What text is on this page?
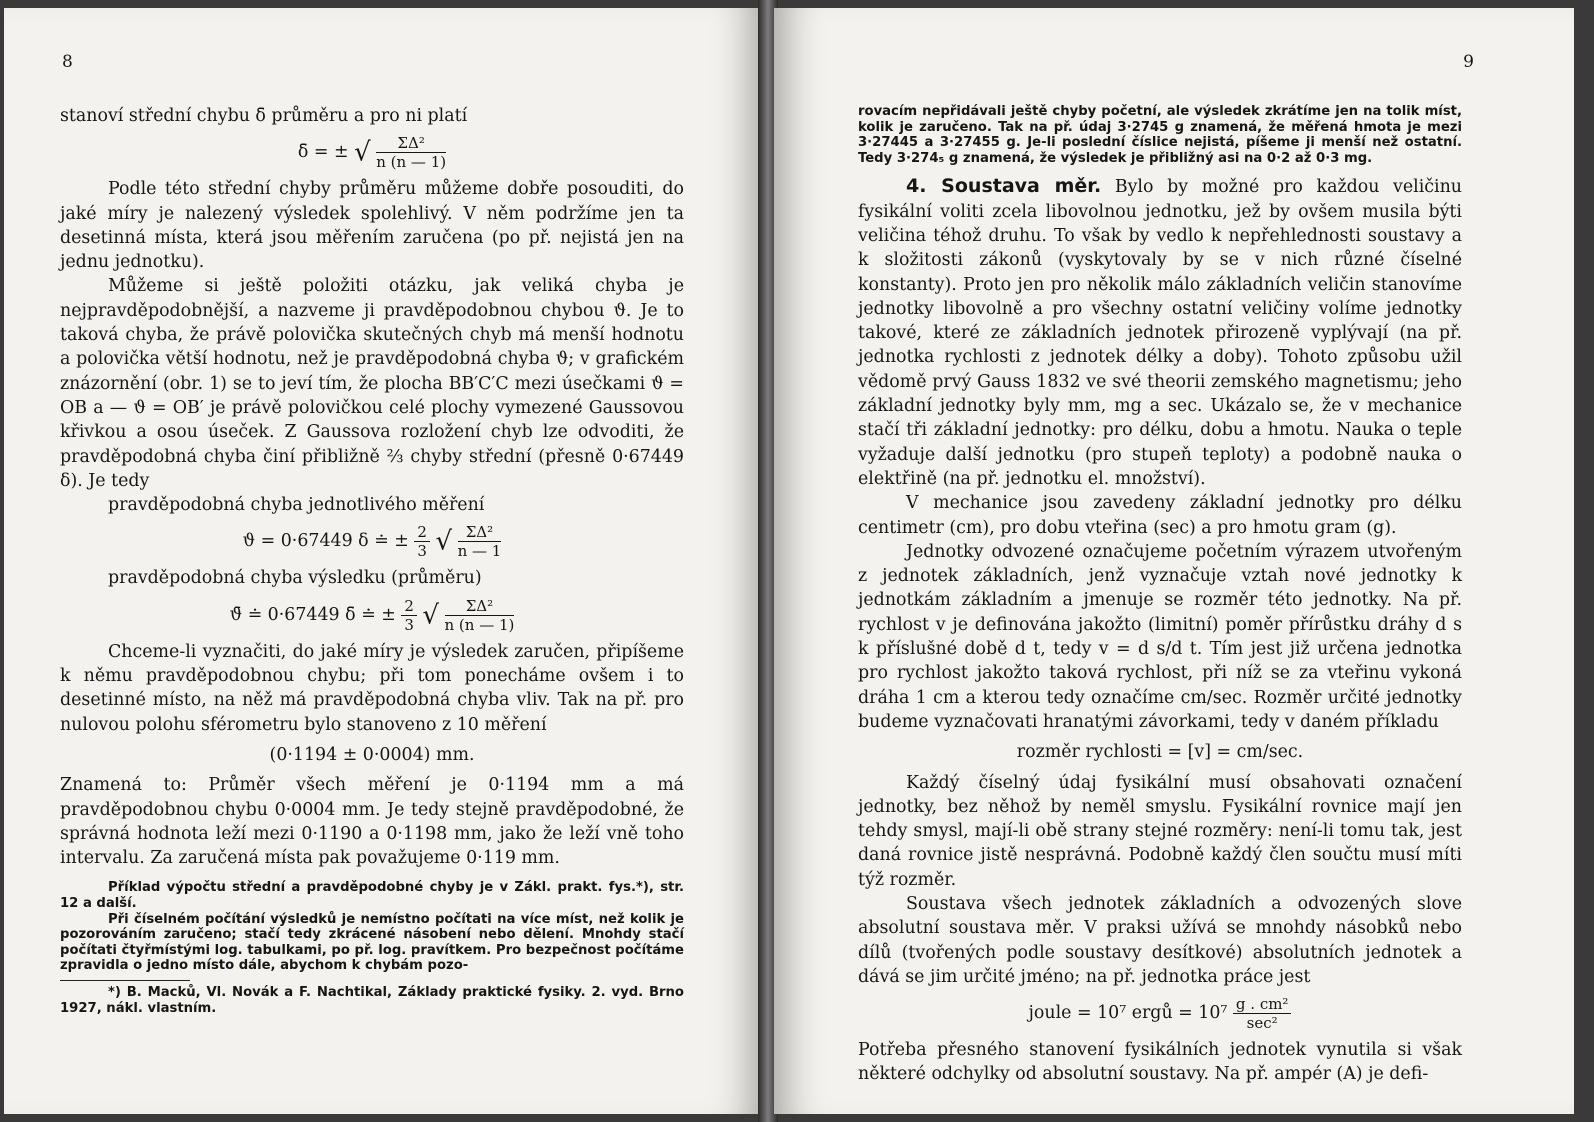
8

stanoví střední chybu δ̄ průměru a pro ni platí

δ̄ = ± √ $\frac{\text{ΣΔ²}}{n (n — 1)}$

Podle této střední chyby průměru můžeme dobře posouditi, do jaké míry je nalezený výsledek spolehlivý. V něm podržíme jen ta desetinná místa, která jsou měřením zaručena (po př. nejistá jen na jednu jednotku).

Můžeme si ještě položiti otázku, jak veliká chyba je nejpravděpodobnější, a nazveme ji pravděpodobnou chybou ϑ. Je to taková chyba, že právě polovička skutečných chyb má menší hodnotu a polovička větší hodnotu, než je pravděpodobná chyba ϑ; v grafickém znázornění (obr. 1) se to jeví tím, že plocha BB′C′C mezi úsečkami ϑ = OB a — ϑ = OB′ je právě polovičkou celé plochy vymezené Gaussovou křivkou a osou úseček. Z Gaussova rozložení chyb lze odvoditi, že pravděpodobná chyba činí přibližně ⅔ chyby střední (přesně 0·67449 δ). Je tedy

pravděpodobná chyba jednotlivého měření

ϑ = 0·67449 δ ≐ ± $\frac{2}{3}$ √ $\frac{\text{ΣΔ²}}{n — 1}$

pravděpodobná chyba výsledku (průměru)

ϑ̄ ≐ 0·67449 δ̄ ≐ ± $\frac{2}{3}$ √ $\frac{\text{ΣΔ²}}{n (n — 1)}$

Chceme-li vyznačiti, do jaké míry je výsledek zaručen, připíšeme k němu pravděpodobnou chybu; při tom ponecháme ovšem i to desetinné místo, na něž má pravděpodobná chyba vliv. Tak na př. pro nulovou polohu sférometru bylo stanoveno z 10 měření

(0·1194 ± 0·0004) mm.

Znamená to: Průměr všech měření je 0·1194 mm a má pravděpodobnou chybu 0·0004 mm. Je tedy stejně pravděpodobné, že správná hodnota leží mezi 0·1190 a 0·1198 mm, jako že leží vně toho intervalu. Za zaručená místa pak považujeme 0·119 mm.

Příklad výpočtu střední a pravděpodobné chyby je v Zákl. prakt. fys.*), str. 12 a další.

Při číselném počítání výsledků je nemístno počítati na více míst, než kolik je pozorováním zaručeno; stačí tedy zkrácené násobení nebo dělení. Mnohdy stačí počítati čtyřmístými log. tabulkami, po př. log. pravítkem. Pro bezpečnost počítáme zpravidla o jedno místo dále, abychom k chybám pozo-

*) B. Macků, Vl. Novák a F. Nachtikal, Základy praktické fysiky. 2. vyd. Brno 1927, nákl. vlastním.

9

rovacím nepřidávali ještě chyby početní, ale výsledek zkrátíme jen na tolik míst, kolik je zaručeno. Tak na př. údaj 3·2745 g znamená, že měřená hmota je mezi 3·27445 a 3·27455 g. Je-li poslední číslice nejistá, píšeme ji menší než ostatní. Tedy 3·274₅ g znamená, že výsledek je přibližný asi na 0·2 až 0·3 mg.

4. Soustava měr. Bylo by možné pro každou veličinu fysikální voliti zcela libovolnou jednotku, jež by ovšem musila býti veličina téhož druhu. To však by vedlo k nepřehlednosti soustavy a k složitosti zákonů (vyskytovaly by se v nich různé číselné konstanty). Proto jen pro několik málo základních veličin stanovíme jednotky libovolně a pro všechny ostatní veličiny volíme jednotky takové, které ze základních jednotek přirozeně vyplývají (na př. jednotka rychlosti z jednotek délky a doby). Tohoto způsobu užil vědomě prvý Gauss 1832 ve své theorii zemského magnetismu; jeho základní jednotky byly mm, mg a sec. Ukázalo se, že v mechanice stačí tři základní jednotky: pro délku, dobu a hmotu. Nauka o teple vyžaduje další jednotku (pro stupeň teploty) a podobně nauka o elektřině (na př. jednotku el. množství).

V mechanice jsou zavedeny základní jednotky pro délku centimetr (cm), pro dobu vteřina (sec) a pro hmotu gram (g).

Jednotky odvozené označujeme početním výrazem utvořeným z jednotek základních, jenž vyznačuje vztah nové jednotky k jednotkám základním a jmenuje se rozměr této jednotky. Na př. rychlost v je definována jakožto (limitní) poměr přírůstku dráhy d s k příslušné době d t, tedy v = d s/d t. Tím jest již určena jednotka pro rychlost jakožto taková rychlost, při níž se za vteřinu vykoná dráha 1 cm a kterou tedy označíme cm/sec. Rozměr určité jednotky budeme vyznačovati hranatými závorkami, tedy v daném příkladu

rozměr rychlosti = [v] = cm/sec.

Každý číselný údaj fysikální musí obsahovati označení jednotky, bez něhož by neměl smyslu. Fysikální rovnice mají jen tehdy smysl, mají-li obě strany stejné rozměry: není-li tomu tak, jest daná rovnice jistě nesprávná. Podobně každý člen součtu musí míti týž rozměr.

Soustava všech jednotek základních a odvozených slove absolutní soustava měr. V praksi užívá se mnohdy násobků nebo dílů (tvořených podle soustavy desítkové) absolutních jednotek a dává se jim určité jméno; na př. jednotka práce jest

joule = 10⁷ ergů = $10^7 \frac{\text{g . cm²}}{\text{sec²}}$

Potřeba přesného stanovení fysikálních jednotek vynutila si však některé odchylky od absolutní soustavy. Na př. ampér (A) je defi-
